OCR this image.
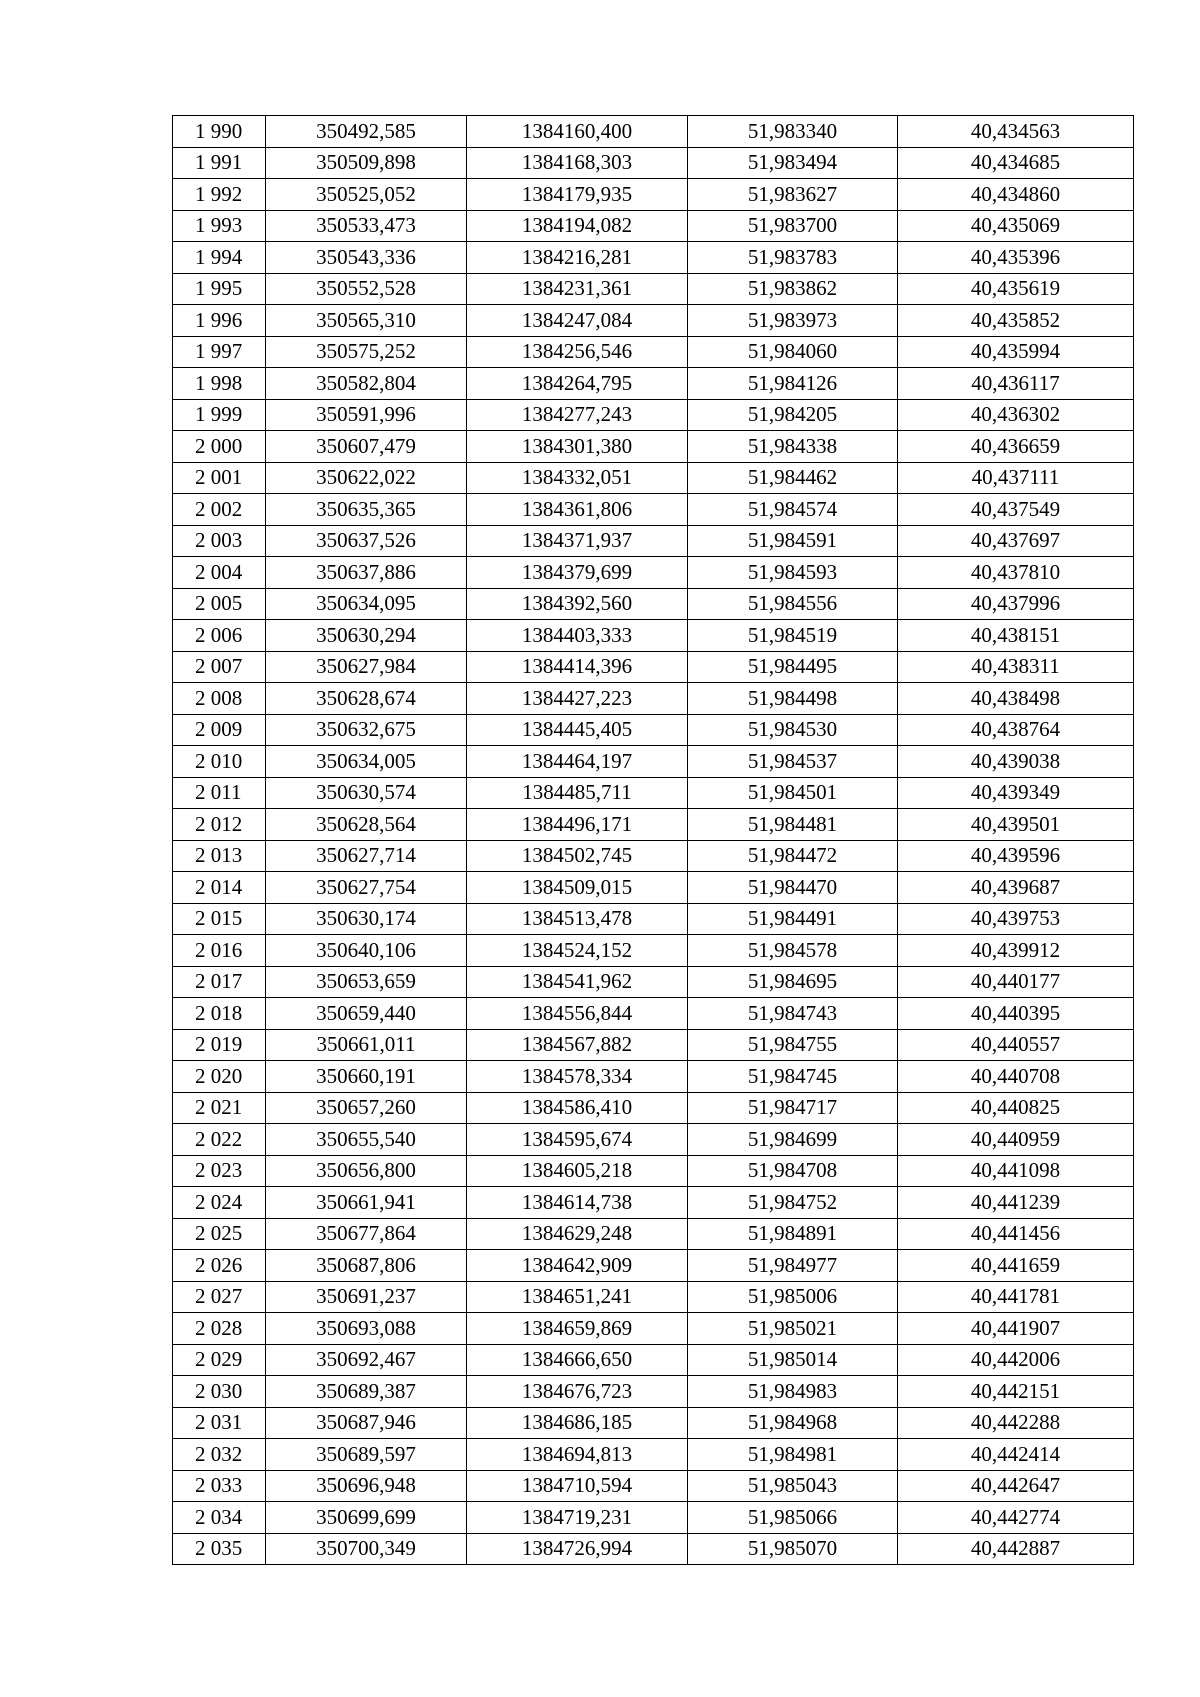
1 990	350492,585	1384160,400	51,983340	40,434563
1 991	350509,898	1384168,303	51,983494	40,434685
1 992	350525,052	1384179,935	51,983627	40,434860
1 993	350533,473	1384194,082	51,983700	40,435069
1 994	350543,336	1384216,281	51,983783	40,435396
1 995	350552,528	1384231,361	51,983862	40,435619
1 996	350565,310	1384247,084	51,983973	40,435852
1 997	350575,252	1384256,546	51,984060	40,435994
1 998	350582,804	1384264,795	51,984126	40,436117
1 999	350591,996	1384277,243	51,984205	40,436302
2 000	350607,479	1384301,380	51,984338	40,436659
2 001	350622,022	1384332,051	51,984462	40,437111
2 002	350635,365	1384361,806	51,984574	40,437549
2 003	350637,526	1384371,937	51,984591	40,437697
2 004	350637,886	1384379,699	51,984593	40,437810
2 005	350634,095	1384392,560	51,984556	40,437996
2 006	350630,294	1384403,333	51,984519	40,438151
2 007	350627,984	1384414,396	51,984495	40,438311
2 008	350628,674	1384427,223	51,984498	40,438498
2 009	350632,675	1384445,405	51,984530	40,438764
2 010	350634,005	1384464,197	51,984537	40,439038
2 011	350630,574	1384485,711	51,984501	40,439349
2 012	350628,564	1384496,171	51,984481	40,439501
2 013	350627,714	1384502,745	51,984472	40,439596
2 014	350627,754	1384509,015	51,984470	40,439687
2 015	350630,174	1384513,478	51,984491	40,439753
2 016	350640,106	1384524,152	51,984578	40,439912
2 017	350653,659	1384541,962	51,984695	40,440177
2 018	350659,440	1384556,844	51,984743	40,440395
2 019	350661,011	1384567,882	51,984755	40,440557
2 020	350660,191	1384578,334	51,984745	40,440708
2 021	350657,260	1384586,410	51,984717	40,440825
2 022	350655,540	1384595,674	51,984699	40,440959
2 023	350656,800	1384605,218	51,984708	40,441098
2 024	350661,941	1384614,738	51,984752	40,441239
2 025	350677,864	1384629,248	51,984891	40,441456
2 026	350687,806	1384642,909	51,984977	40,441659
2 027	350691,237	1384651,241	51,985006	40,441781
2 028	350693,088	1384659,869	51,985021	40,441907
2 029	350692,467	1384666,650	51,985014	40,442006
2 030	350689,387	1384676,723	51,984983	40,442151
2 031	350687,946	1384686,185	51,984968	40,442288
2 032	350689,597	1384694,813	51,984981	40,442414
2 033	350696,948	1384710,594	51,985043	40,442647
2 034	350699,699	1384719,231	51,985066	40,442774
2 035	350700,349	1384726,994	51,985070	40,442887
